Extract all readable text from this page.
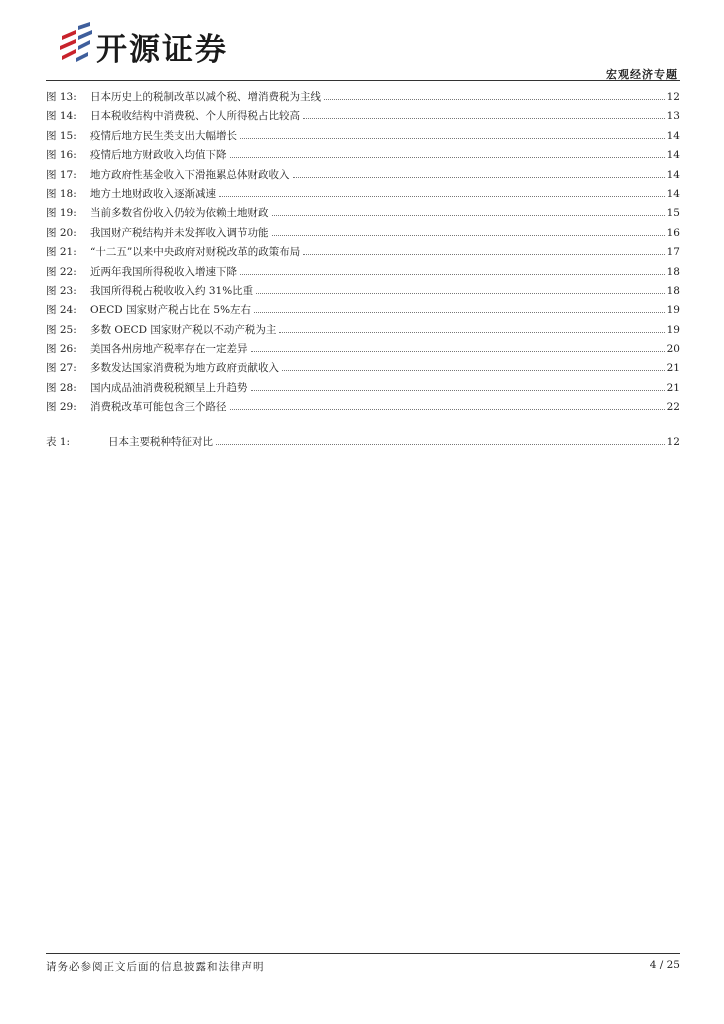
开源证券
宏观经济专题
图 13:	日本历史上的税制改革以减个税、增消费税为主线	12
图 14:	日本税收结构中消费税、个人所得税占比较高	13
图 15:	疫情后地方民生类支出大幅增长	14
图 16:	疫情后地方财政收入均值下降	14
图 17:	地方政府性基金收入下滑拖累总体财政收入	14
图 18:	地方土地财政收入逐渐减速	14
图 19:	当前多数省份收入仍较为依赖土地财政	15
图 20:	我国财产税结构并未发挥收入调节功能	16
图 21:	“十二五”以来中央政府对财税改革的政策布局	17
图 22:	近两年我国所得税收入增速下降	18
图 23:	我国所得税占税收收入约 31%比重	18
图 24:	OECD 国家财产税占比在 5%左右	19
图 25:	多数 OECD 国家财产税以不动产税为主	19
图 26:	美国各州房地产税率存在一定差异	20
图 27:	多数发达国家消费税为地方政府贡献收入	21
图 28:	国内成品油消费税税额呈上升趋势	21
图 29:	消费税改革可能包含三个路径	22
表 1:	日本主要税种特征对比	12
请务必参阅正文后面的信息披露和法律声明	4 / 25
